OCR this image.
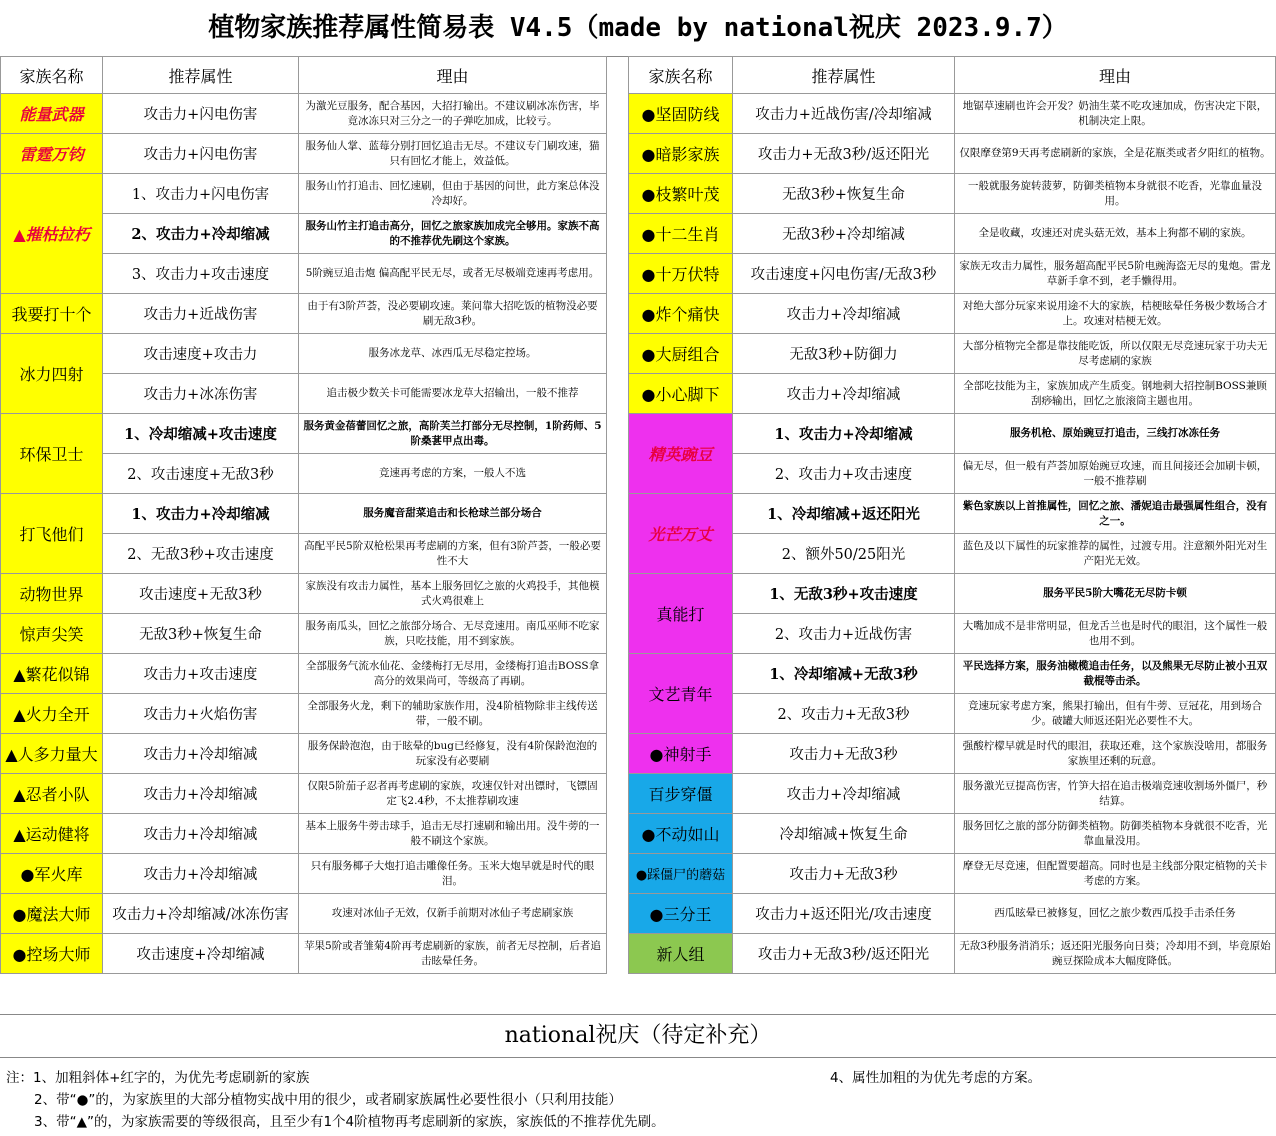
植物家族推荐属性简易表 V4.5（made by national祝庆 2023.9.7）
家族名称	推荐属性	理由
能量武器	攻击力+闪电伤害	为激光豆服务，配合基因，大招打输出。不建议刷冰冻伤害，毕竟冰冻只对三分之一的子弹吃加成，比较亏。
雷霆万钧	攻击力+闪电伤害	服务仙人掌、蓝莓分别打回忆追击无尽。不建议专门刷攻速，猫只有回忆才能上，效益低。
▲摧枯拉朽	1、攻击力+闪电伤害	服务山竹打追击、回忆速刷，但由于基因的问世，此方案总体没冷却好。
	2、攻击力+冷却缩减	服务山竹主打追击高分，回忆之旅家族加成完全够用。家族不高的不推荐优先刷这个家族。
	3、攻击力+攻击速度	5阶豌豆追击炮 偏高配平民无尽，或者无尽极端竞速再考虑用。
我要打十个	攻击力+近战伤害	由于有3阶芦荟，没必要刷攻速。莱问靠大招吃饭的植物没必要刷无敌3秒。
冰力四射	攻击速度+攻击力	服务冰龙草、冰西瓜无尽稳定控场。
	攻击力+冰冻伤害	追击极少数关卡可能需要冰龙草大招输出，一般不推荐
环保卫士	1、冷却缩减+攻击速度	服务黄金蓓蕾回忆之旅，高阶芙兰打部分无尽控制，1阶药师、5阶桑葚甲点出毒。
	2、攻击速度+无敌3秒	竞速再考虑的方案，一般人不选
打飞他们	1、攻击力+冷却缩减	服务魔音甜菜追击和长枪球兰部分场合
	2、无敌3秒+攻击速度	高配平民5阶双枪松果再考虑刷的方案，但有3阶芦荟，一般必要性不大
动物世界	攻击速度+无敌3秒	家族没有攻击力属性，基本上服务回忆之旅的火鸡投手，其他模式火鸡很难上
惊声尖笑	无敌3秒+恢复生命	服务南瓜头，回忆之旅部分场合、无尽竞速用。南瓜巫师不吃家族，只吃技能，用不到家族。
▲繁花似锦	攻击力+攻击速度	全部服务气流水仙花、金缕梅打无尽用，金缕梅打追击BOSS拿高分的效果尚可，等级高了再刷。
▲火力全开	攻击力+火焰伤害	全部服务火龙，剩下的辅助家族作用，没4阶植物除非主线传送带，一般不刷。
▲人多力量大	攻击力+冷却缩减	服务保龄泡泡，由于眩晕的bug已经修复，没有4阶保龄泡泡的玩家没有必要刷
▲忍者小队	攻击力+冷却缩减	仅限5阶茄子忍者再考虑刷的家族，攻速仅针对出镖时，飞镖固定飞2.4秒，不太推荐刷攻速
▲运动健将	攻击力+冷却缩减	基本上服务牛蒡击球手，追击无尽打速刷和输出用。没牛蒡的一般不刷这个家族。
●军火库	攻击力+冷却缩减	只有服务椰子大炮打追击雕像任务。玉米大炮早就是时代的眼泪。
●魔法大师	攻击力+冷却缩减/冰冻伤害	攻速对冰仙子无效，仅新手前期对冰仙子考虑刷家族
●控场大师	攻击速度+冷却缩减	苹果5阶或者雏菊4阶再考虑刷新的家族，前者无尽控制，后者追击眩晕任务。
家族名称	推荐属性	理由
●坚固防线	攻击力+近战伤害/冷却缩减	地锯草速刷也许会开发？奶油生菜不吃攻速加成，伤害决定下限，机制决定上限。
●暗影家族	攻击力+无敌3秒/返还阳光	仅限摩登第9天再考虑刷新的家族，全是花瓶类或者夕阳红的植物。
●枝繁叶茂	无敌3秒+恢复生命	一般就服务旋转菠萝，防御类植物本身就很不吃香，光靠血量没用。
●十二生肖	无敌3秒+冷却缩减	全是收藏，攻速还对虎头菇无效，基本上狗都不刷的家族。
●十万伏特	攻击速度+闪电伤害/无敌3秒	家族无攻击力属性，服务超高配平民5阶电豌海盗无尽的鬼炮。雷龙草新手拿不到，老手懒得用。
●炸个痛快	攻击力+冷却缩减	对绝大部分玩家来说用途不大的家族，桔梗眩晕任务极少数场合才上。攻速对桔梗无效。
●大厨组合	无敌3秒+防御力	大部分植物完全都是靠技能吃饭，所以仅限无尽竞速玩家于功夫无尽考虑刷的家族
●小心脚下	攻击力+冷却缩减	全部吃技能为主，家族加成产生质变。钢地刺大招控制BOSS兼顾刮痧输出，回忆之旅滚筒主题也用。
精英豌豆	1、攻击力+冷却缩减	服务机枪、原始豌豆打追击，三线打冰冻任务
	2、攻击力+攻击速度	偏无尽，但一般有芦荟加原始豌豆攻速，而且间接还会加刷卡顿，一般不推荐刷
光芒万丈	1、冷却缩减+返还阳光	紫色家族以上首推属性，回忆之旅、潘妮追击最强属性组合，没有之一。
	2、额外50/25阳光	蓝色及以下属性的玩家推荐的属性，过渡专用。注意额外阳光对生产阳光无效。
真能打	1、无敌3秒+攻击速度	服务平民5阶大嘴花无尽防卡顿
	2、攻击力+近战伤害	大嘴加成不是非常明显，但龙舌兰也是时代的眼泪，这个属性一般也用不到。
文艺青年	1、冷却缩减+无敌3秒	平民选择方案，服务油橄榄追击任务，以及熊果无尽防止被小丑双截棍等击杀。
	2、攻击力+无敌3秒	竞速玩家考虑方案，熊果打输出，但有牛蒡、豆冠花，用到场合少。破罐大师返还阳光必要性不大。
●神射手	攻击力+无敌3秒	强酸柠檬早就是时代的眼泪，获取还难，这个家族没啥用，都服务家族里还剩的玩意。
百步穿僵	攻击力+冷却缩减	服务激光豆提高伤害，竹笋大招在追击极端竞速收割场外僵尸，秒结算。
●不动如山	冷却缩减+恢复生命	服务回忆之旅的部分防御类植物。防御类植物本身就很不吃香，光靠血量没用。
●踩僵尸的蘑菇	攻击力+无敌3秒	摩登无尽竞速，但配置要超高。同时也是主线部分限定植物的关卡考虑的方案。
●三分王	攻击力+返还阳光/攻击速度	西瓜眩晕已被修复，回忆之旅少数西瓜投手击杀任务
新人组	攻击力+无敌3秒/返还阳光	无敌3秒服务消消乐；返还阳光服务向日葵；冷却用不到，毕竟原始豌豆探险成本大幅度降低。
national祝庆（待定补充）
注：1、加粗斜体+红字的，为优先考虑刷新的家族	4、属性加粗的为优先考虑的方案。
2、带“●”的，为家族里的大部分植物实战中用的很少，或者刷家族属性必要性很小（只利用技能）
3、带“▲”的，为家族需要的等级很高，且至少有1个4阶植物再考虑刷新的家族，家族低的不推荐优先刷。
